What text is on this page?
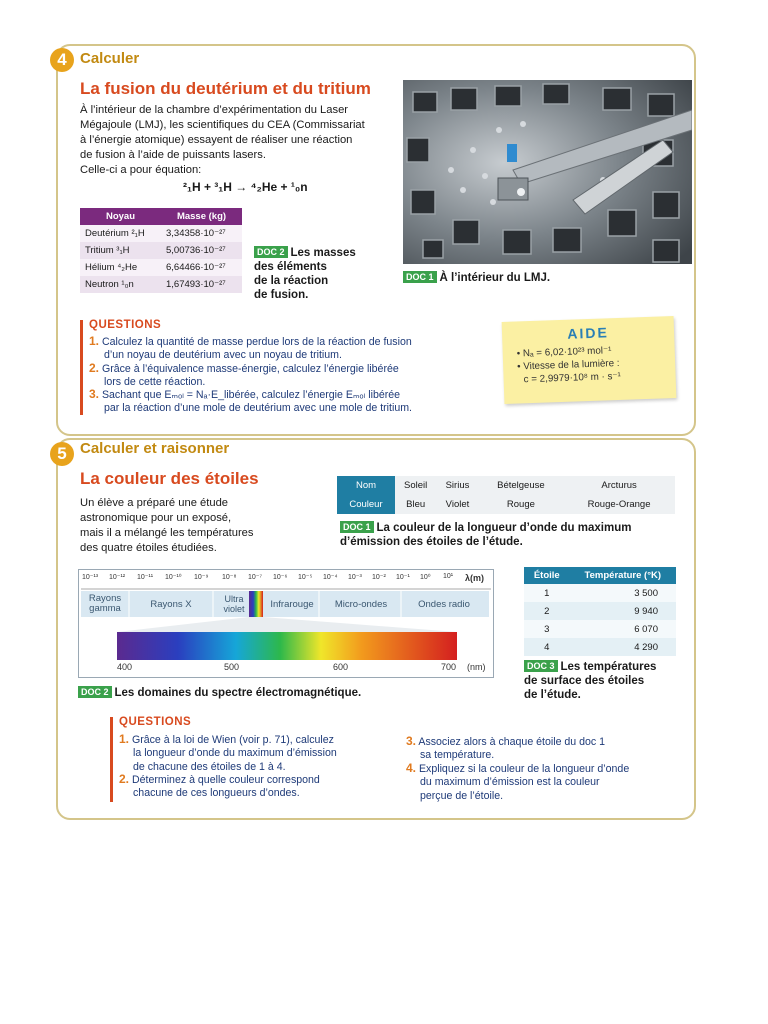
4 Calculer
La fusion du deutérium et du tritium
À l’intérieur de la chambre d’expérimentation du Laser
Mégajoule (LMJ), les scientifiques du CEA (Commissariat
à l’énergie atomique) essayent de réaliser une réaction
de fusion à l’aide de puissants lasers.
Celle-ci a pour équation:
²₁H + ³₁H → ⁴₂He + ¹₀n
Noyau	Masse (kg)
Deutérium ²₁H	3,34358·10⁻²⁷
Tritium ³₁H	5,00736·10⁻²⁷
Hélium ⁴₂He	6,64466·10⁻²⁷
Neutron ¹₀n	1,67493·10⁻²⁷
DOC 2 Les masses
des éléments
de la réaction
de fusion.
DOC 1 À l’intérieur du LMJ.
QUESTIONS
1. Calculez la quantité de masse perdue lors de la réaction de fusion
d’un noyau de deutérium avec un noyau de tritium.
2. Grâce à l’équivalence masse-énergie, calculez l’énergie libérée
lors de cette réaction.
3. Sachant que Eₘₒₗ = Nₐ·E_libérée, calculez l’énergie Eₘₒₗ libérée
par la réaction d’une mole de deutérium avec une mole de tritium.
AIDE
• Nₐ = 6,02·10²³ mol⁻¹
• Vitesse de la lumière :
c = 2,9979·10⁸ m · s⁻¹
5 Calculer et raisonner
La couleur des étoiles
Un élève a préparé une étude
astronomique pour un exposé,
mais il a mélangé les températures
des quatre étoiles étudiées.
Nom	Soleil	Sirius	Bételgeuse	Arcturus
Couleur	Bleu	Violet	Rouge	Rouge-Orange
DOC 1 La couleur de la longueur d’onde du maximum
d’émission des étoiles de l’étude.
10⁻¹³ 10⁻¹² 10⁻¹¹ 10⁻¹⁰ 10⁻⁹ 10⁻⁸ 10⁻⁷ 10⁻⁶ 10⁻⁵ 10⁻⁴ 10⁻³ 10⁻² 10⁻¹ 10⁰ 10¹ λ(m)
Rayons gamma	Rayons X	Ultra violet	Infrarouge	Micro-ondes	Ondes radio
400	500	600	700 (nm)
DOC 2 Les domaines du spectre électromagnétique.
Étoile	Température (°K)
1	3 500
2	9 940
3	6 070
4	4 290
DOC 3 Les températures
de surface des étoiles
de l’étude.
QUESTIONS
1. Grâce à la loi de Wien (voir p. 71), calculez
la longueur d’onde du maximum d’émission
de chacune des étoiles de 1 à 4.
2. Déterminez à quelle couleur correspond
chacune de ces longueurs d’ondes.
3. Associez alors à chaque étoile du doc 1
sa température.
4. Expliquez si la couleur de la longueur d’onde
du maximum d’émission est la couleur
perçue de l’étoile.
